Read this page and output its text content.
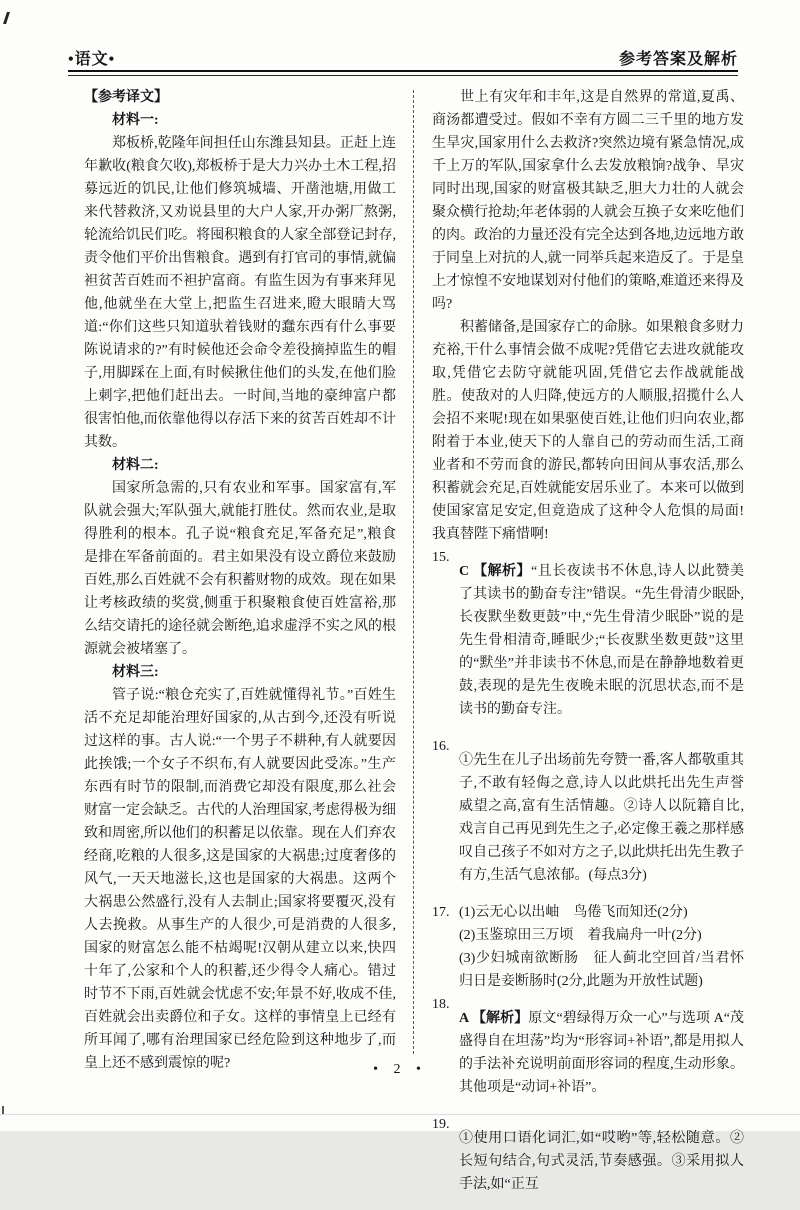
•语文•	参考答案及解析
【参考译文】
材料一:

郑板桥,乾隆年间担任山东潍县知县。正赶上连年歉收(粮食欠收),郑板桥于是大力兴办土木工程,招募远近的饥民,让他们修筑城墙、开凿池塘,用做工来代替救济,又劝说县里的大户人家,开办粥厂熬粥,轮流给饥民们吃。将囤积粮食的人家全部登记封存,责令他们平价出售粮食。遇到有打官司的事情,就偏袒贫苦百姓而不袒护富商。有监生因为有事来拜见他,他就坐在大堂上,把监生召进来,瞪大眼睛大骂道:“你们这些只知道驮着钱财的蠢东西有什么事要陈说请求的?”有时候他还会命令差役摘掉监生的帽子,用脚踩在上面,有时候揪住他们的头发,在他们脸上刺字,把他们赶出去。一时间,当地的豪绅富户都很害怕他,而依靠他得以存活下来的贫苦百姓却不计其数。

材料二:

国家所急需的,只有农业和军事。国家富有,军队就会强大;军队强大,就能打胜仗。然而农业,是取得胜利的根本。孔子说“粮食充足,军备充足”,粮食是排在军备前面的。君主如果没有设立爵位来鼓励百姓,那么百姓就不会有积蓄财物的成效。现在如果让考核政绩的奖赏,侧重于积聚粮食使百姓富裕,那么结交请托的途径就会断绝,追求虚浮不实之风的根源就会被堵塞了。

材料三:

管子说:“粮仓充实了,百姓就懂得礼节。”百姓生活不充足却能治理好国家的,从古到今,还没有听说过这样的事。古人说:“一个男子不耕种,有人就要因此挨饿;一个女子不织布,有人就要因此受冻。”生产东西有时节的限制,而消费它却没有限度,那么社会财富一定会缺乏。古代的人治理国家,考虑得极为细致和周密,所以他们的积蓄足以依靠。现在人们弃农经商,吃粮的人很多,这是国家的大祸患;过度奢侈的风气,一天天地滋长,这也是国家的大祸患。这两个大祸患公然盛行,没有人去制止;国家将要覆灭,没有人去挽救。从事生产的人很少,可是消费的人很多,国家的财富怎么能不枯竭呢!汉朝从建立以来,快四十年了,公家和个人的积蓄,还少得令人痛心。错过时节不下雨,百姓就会忧虑不安;年景不好,收成不佳,百姓就会出卖爵位和子女。这样的事情皇上已经有所耳闻了,哪有治理国家已经危险到这种地步了,而皇上还不感到震惊的呢?

世上有灾年和丰年,这是自然界的常道,夏禹、商汤都遭受过。假如不幸有方圆二三千里的地方发生旱灾,国家用什么去救济?突然边境有紧急情况,成千上万的军队,国家拿什么去发放粮饷?战争、旱灾同时出现,国家的财富极其缺乏,胆大力壮的人就会聚众横行抢劫;年老体弱的人就会互换子女来吃他们的肉。政治的力量还没有完全达到各地,边远地方敢于同皇上对抗的人,就一同举兵起来造反了。于是皇上才惊惶不安地谋划对付他们的策略,难道还来得及吗?

积蓄储备,是国家存亡的命脉。如果粮食多财力充裕,干什么事情会做不成呢?凭借它去进攻就能攻取,凭借它去防守就能巩固,凭借它去作战就能战胜。使敌对的人归降,使远方的人顺服,招揽什么人会招不来呢!现在如果驱使百姓,让他们归向农业,都附着于本业,使天下的人靠自己的劳动而生活,工商业者和不劳而食的游民,都转向田间从事农活,那么积蓄就会充足,百姓就能安居乐业了。本来可以做到使国家富足安定,但竟造成了这种令人危惧的局面!我真替陛下痛惜啊!

15.

C 【解析】“且长夜读书不休息,诗人以此赞美了其读书的勤奋专注”错误。“先生骨清少眠卧,长夜默坐数更鼓”中,“先生骨清少眠卧”说的是先生骨相清奇,睡眠少;“长夜默坐数更鼓”这里的“默坐”并非读书不休息,而是在静静地数着更鼓,表现的是先生夜晚未眠的沉思状态,而不是读书的勤奋专注。

16.

①先生在儿子出场前先夸赞一番,客人都敬重其子,不敢有轻侮之意,诗人以此烘托出先生声誉威望之高,富有生活情趣。②诗人以阮籍自比,戏言自己再见到先生之子,必定像王羲之那样感叹自己孩子不如对方之子,以此烘托出先生教子有方,生活气息浓郁。(每点3分)

17. (1)云无心以出岫　鸟倦飞而知还(2分)

(2)玉鉴琼田三万顷　着我扁舟一叶(2分)

(3)少妇城南欲断肠　征人蓟北空回首/当君怀归日是妾断肠时(2分,此题为开放性试题)

18.

A 【解析】原文“碧绿得万众一心”与选项 A“茂盛得自在坦荡”均为“形容词+补语”,都是用拟人的手法补充说明前面形容词的程度,生动形象。其他项是“动词+补语”。

19.

①使用口语化词汇,如“哎哟”等,轻松随意。②长短句结合,句式灵活,节奏感强。③采用拟人手法,如“正互

• 2 •
